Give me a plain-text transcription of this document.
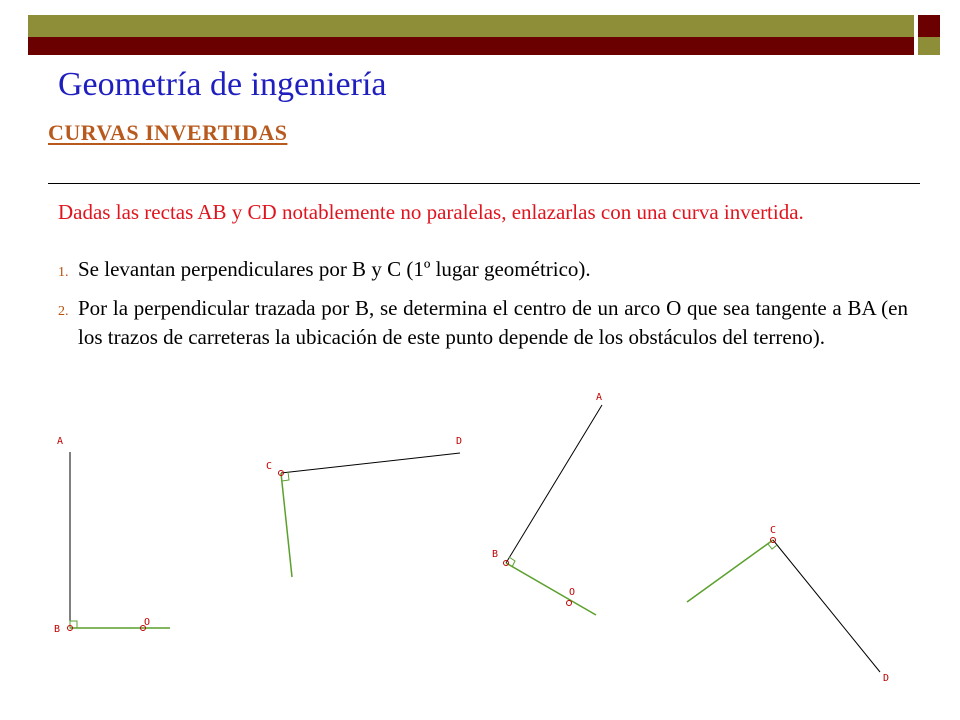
Geometría de ingeniería
CURVAS INVERTIDAS

Dadas las rectas AB y CD notablemente no paralelas, enlazarlas con una curva invertida.

1. Se levantan perpendiculares por B y C (1º lugar geométrico).
2. Por la perpendicular trazada por B, se determina el centro de un arco O que sea tangente a BA (en los trazos de carreteras la ubicación de este punto depende de los obstáculos del terreno).
A
B
O
C
D
A
B
O
C
D
